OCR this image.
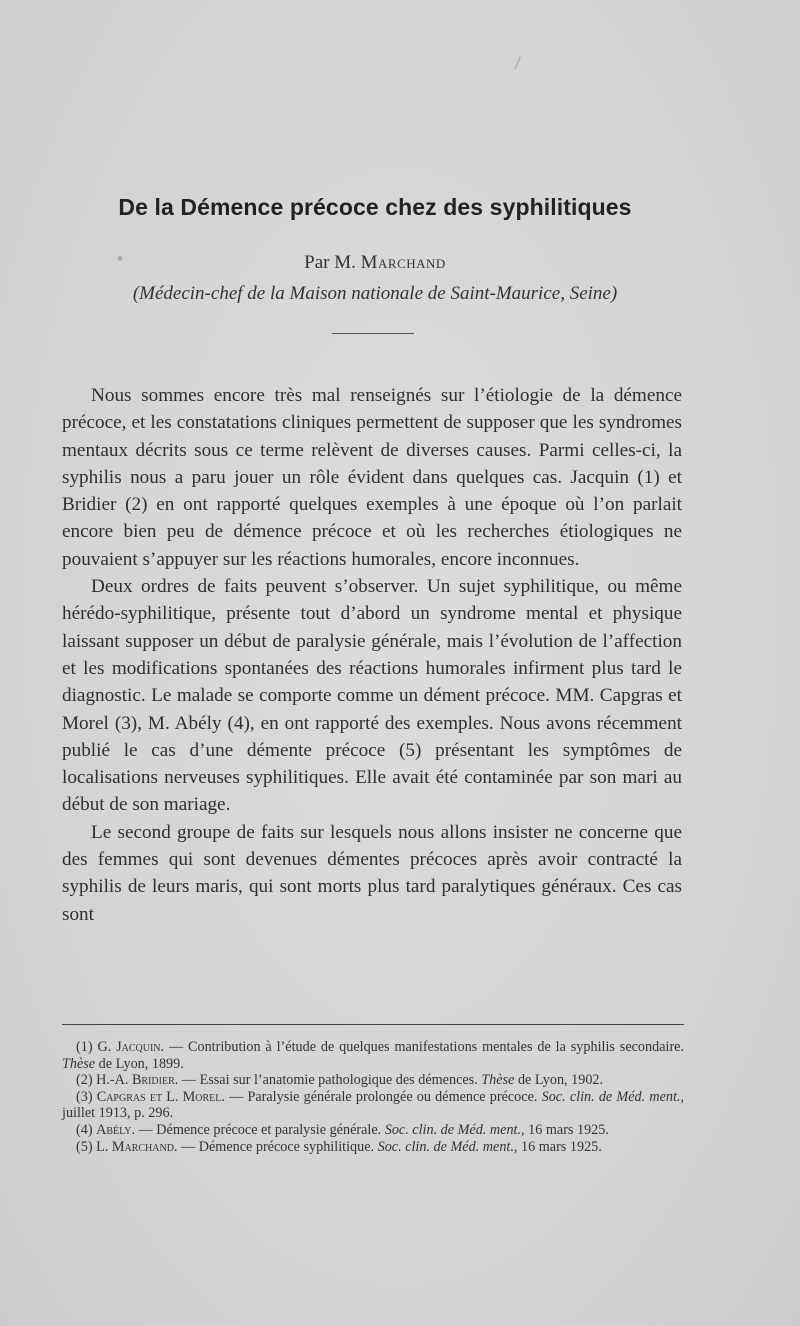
De la Démence précoce chez des syphilitiques
Par M. Marchand
(Médecin-chef de la Maison nationale de Saint-Maurice, Seine)

Nous sommes encore très mal renseignés sur l’étiologie de la démence précoce, et les constatations cliniques permettent de supposer que les syndromes mentaux décrits sous ce terme relèvent de diverses causes. Parmi celles-ci, la syphilis nous a paru jouer un rôle évident dans quelques cas. Jacquin (1) et Bridier (2) en ont rapporté quelques exemples à une époque où l’on parlait encore bien peu de démence précoce et où les recherches étiologiques ne pouvaient s’appuyer sur les réactions humorales, encore inconnues.

Deux ordres de faits peuvent s’observer. Un sujet syphilitique, ou même hérédo-syphilitique, présente tout d’abord un syndrome mental et physique laissant supposer un début de paralysie générale, mais l’évolution de l’affection et les modifications spontanées des réactions humorales infirment plus tard le diagnostic. Le malade se comporte comme un dément précoce. MM. Capgras et Morel (3), M. Abély (4), en ont rapporté des exemples. Nous avons récemment publié le cas d’une démente précoce (5) présentant les symptômes de localisations nerveuses syphilitiques. Elle avait été contaminée par son mari au début de son mariage.

Le second groupe de faits sur lesquels nous allons insister ne concerne que des femmes qui sont devenues démentes précoces après avoir contracté la syphilis de leurs maris, qui sont morts plus tard paralytiques généraux. Ces cas sont

(1) G. Jacquin. — Contribution à l’étude de quelques manifestations mentales de la syphilis secondaire. Thèse de Lyon, 1899.

(2) H.-A. Bridier. — Essai sur l’anatomie pathologique des démences. Thèse de Lyon, 1902.

(3) Capgras et L. Morel. — Paralysie générale prolongée ou démence précoce. Soc. clin. de Méd. ment., juillet 1913, p. 296.

(4) Abély. — Démence précoce et paralysie générale. Soc. clin. de Méd. ment., 16 mars 1925.

(5) L. Marchand. — Démence précoce syphilitique. Soc. clin. de Méd. ment., 16 mars 1925.
